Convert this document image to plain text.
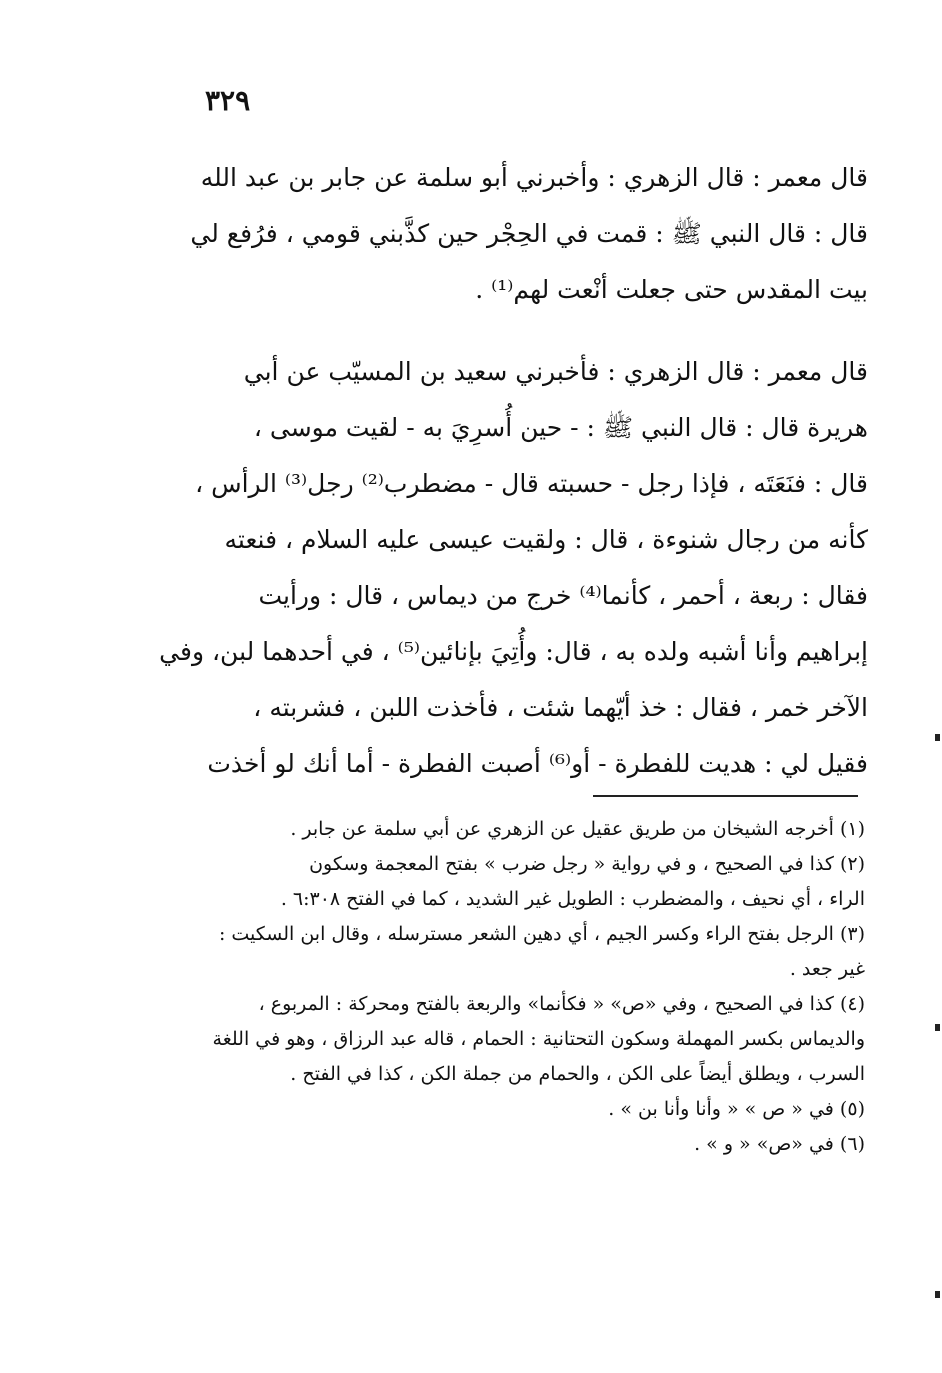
٣٢٩
قال معمر : قال الزهري : وأخبرني أبو سلمة عن جابر بن عبد الله
قال : قال النبي ﷺ : قمت في الحِجْر حين كذَّبني قومي ، فرُفع لي
بيت المقدس حتى جعلت أنْعت لهم⁽¹⁾ .
قال معمر : قال الزهري : فأخبرني سعيد بن المسيّب عن أبي
هريرة قال : قال النبي ﷺ : - حين أُسرِيَ به - لقيت موسى ،
قال : فنَعَتَه ، فإذا رجل - حسبته قال - مضطرب⁽²⁾ رجل⁽³⁾ الرأس ،
كأنه من رجال شنوءة ، قال : ولقيت عيسى عليه السلام ، فنعته
فقال : ربعة ، أحمر ، كأنما⁽⁴⁾ خرج من ديماس ، قال : ورأيت
إبراهيم وأنا أشبه ولده به ، قال: وأُتِيَ بإنائين⁽⁵⁾ ، في أحدهما لبن، وفي
الآخر خمر ، فقال : خذ أيّهما شئت ، فأخذت اللبن ، فشربته ،
فقيل لي : هديت للفطرة - أو⁽⁶⁾ أصبت الفطرة - أما أنك لو أخذت
(١) أخرجه الشيخان من طريق عقيل عن الزهري عن أبي سلمة عن جابر .
(٢) كذا في الصحيح ، و في رواية « رجل ضرب » بفتح المعجمة وسكون
الراء ، أي نحيف ، والمضطرب : الطويل غير الشديد ، كما في الفتح ٦:٣٠٨ .
(٣) الرجل بفتح الراء وكسر الجيم ، أي دهين الشعر مسترسله ، وقال ابن السكيت :
غير جعد .
(٤) كذا في الصحيح ، وفي «ص» « فكأنما» والربعة بالفتح ومحركة : المربوع ،
والديماس بكسر المهملة وسكون التحتانية : الحمام ، قاله عبد الرزاق ، وهو في اللغة
السرب ، ويطلق أيضاً على الكن ، والحمام من جملة الكن ، كذا في الفتح .
(٥) في « ص » « وأنا وأنا بن » .
(٦) في «ص» « و » .
